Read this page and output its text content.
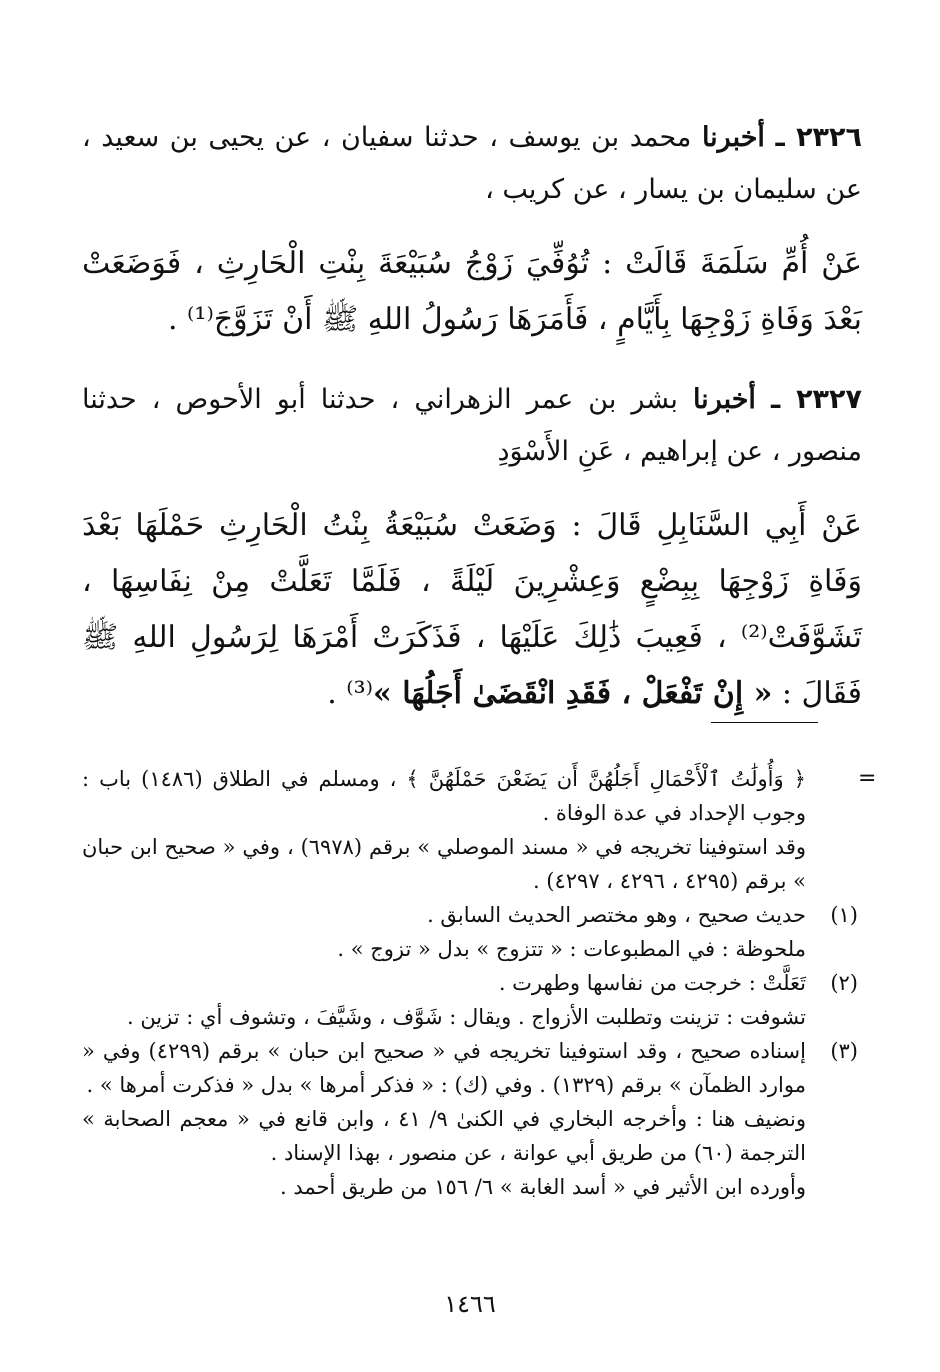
٢٣٢٦ ـ أخبرنا محمد بن يوسف ، حدثنا سفيان ، عن يحيى بن سعيد ، عن سليمان بن يسار ، عن كريب ،
عَنْ أُمِّ سَلَمَةَ قَالَتْ : تُوُفِّيَ زَوْجُ سُبَيْعَةَ بِنْتِ الْحَارِثِ ، فَوَضَعَتْ بَعْدَ وَفَاةِ زَوْجِهَا بِأَيَّامٍ ، فَأَمَرَهَا رَسُولُ اللهِ ﷺ أَنْ تَزَوَّجَ⁽¹⁾ .
٢٣٢٧ ـ أخبرنا بشر بن عمر الزهراني ، حدثنا أبو الأحوص ، حدثنا منصور ، عن إبراهيم ، عَنِ الأَسْوَدِ
عَنْ أَبِي السَّنَابِلِ قَالَ : وَضَعَتْ سُبَيْعَةُ بِنْتُ الْحَارِثِ حَمْلَهَا بَعْدَ وَفَاةِ زَوْجِهَا بِبِضْعٍ وَعِشْرِينَ لَيْلَةً ، فَلَمَّا تَعَلَّتْ مِنْ نِفَاسِهَا ، تَشَوَّفَتْ⁽²⁾ ، فَعِيبَ ذَٰلِكَ عَلَيْهَا ، فَذَكَرَتْ أَمْرَهَا لِرَسُولِ اللهِ ﷺ فَقَالَ : « إِنْ تَفْعَلْ ، فَقَدِ انْقَضَىٰ أَجَلُهَا »⁽³⁾ .
=

﴿ وَأُولَٰتُ ٱلْأَحْمَالِ أَجَلُهُنَّ أَن يَضَعْنَ حَمْلَهُنَّ ﴾ ، ومسلم في الطلاق (١٤٨٦) باب : وجوب الإحداد في عدة الوفاة .

وقد استوفينا تخريجه في « مسند الموصلي » برقم (٦٩٧٨) ، وفي « صحيح ابن حبان » برقم (٤٢٩٥ ، ٤٢٩٦ ، ٤٢٩٧) .

(١)

حديث صحيح ، وهو مختصر الحديث السابق .

ملحوظة : في المطبوعات : « تتزوج » بدل « تزوج » .

(٢)

تَعَلَّتْ : خرجت من نفاسها وطهرت .

تشوفت : تزينت وتطلبت الأزواج . ويقال : شَوَّف ، وشَيَّفَ ، وتشوف أي : تزين .

(٣)

إسناده صحيح ، وقد استوفينا تخريجه في « صحيح ابن حبان » برقم (٤٢٩٩) وفي « موارد الظمآن » برقم (١٣٢٩) . وفي (ك) : « فذكر أمرها » بدل « فذكرت أمرها » .

ونضيف هنا : وأخرجه البخاري في الكنىٰ ٩/ ٤١ ، وابن قانع في « معجم الصحابة » الترجمة (٦٠) من طريق أبي عوانة ، عن منصور ، بهذا الإسناد .

وأورده ابن الأثير في « أسد الغابة » ٦/ ١٥٦ من طريق أحمد .

١٤٦٦
